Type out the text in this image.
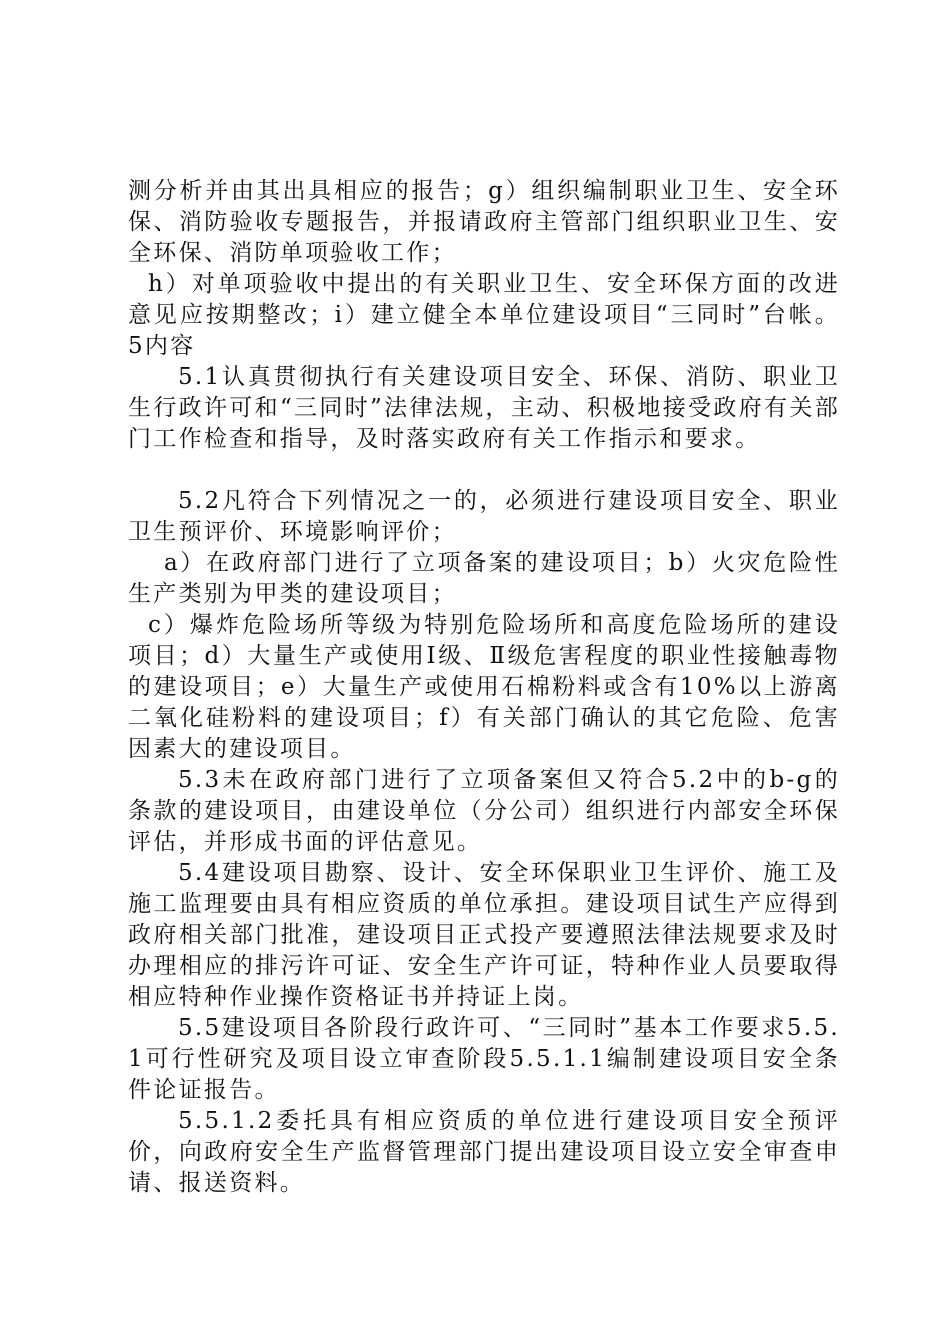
测分析并由其出具相应的报告；g）组织编制职业卫生、安全环保、消防验收专题报告，并报请政府主管部门组织职业卫生、安全环保、消防单项验收工作；

h）对单项验收中提出的有关职业卫生、安全环保方面的改进意见应按期整改；i）建立健全本单位建设项目“三同时”台帐。5内容

5.1认真贯彻执行有关建设项目安全、环保、消防、职业卫生行政许可和“三同时”法律法规，主动、积极地接受政府有关部门工作检查和指导，及时落实政府有关工作指示和要求。

5.2凡符合下列情况之一的，必须进行建设项目安全、职业卫生预评价、环境影响评价；

a）在政府部门进行了立项备案的建设项目；b）火灾危险性生产类别为甲类的建设项目；

c）爆炸危险场所等级为特别危险场所和高度危险场所的建设项目；d）大量生产或使用Ⅰ级、Ⅱ级危害程度的职业性接触毒物的建设项目；e）大量生产或使用石棉粉料或含有10%以上游离二氧化硅粉料的建设项目；f）有关部门确认的其它危险、危害因素大的建设项目。

5.3未在政府部门进行了立项备案但又符合5.2中的b-g的条款的建设项目，由建设单位（分公司）组织进行内部安全环保评估，并形成书面的评估意见。

5.4建设项目勘察、设计、安全环保职业卫生评价、施工及施工监理要由具有相应资质的单位承担。建设项目试生产应得到政府相关部门批准，建设项目正式投产要遵照法律法规要求及时办理相应的排污许可证、安全生产许可证，特种作业人员要取得相应特种作业操作资格证书并持证上岗。

5.5建设项目各阶段行政许可、“三同时”基本工作要求5.5.1可行性研究及项目设立审查阶段5.5.1.1编制建设项目安全条件论证报告。

5.5.1.2委托具有相应资质的单位进行建设项目安全预评价，向政府安全生产监督管理部门提出建设项目设立安全审查申请、报送资料。
